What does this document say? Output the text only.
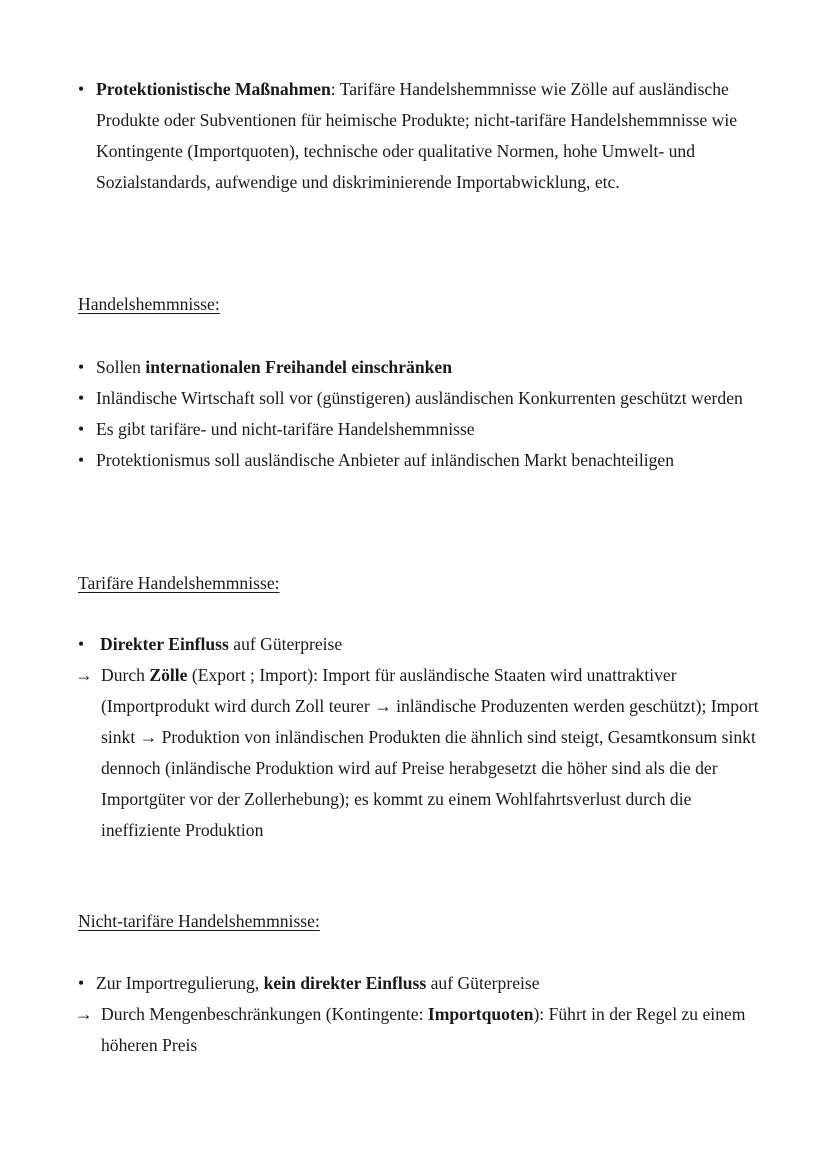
• Protektionistische Maßnahmen: Tarifäre Handelshemmnisse wie Zölle auf ausländische Produkte oder Subventionen für heimische Produkte; nicht-tarifäre Handelshemmnisse wie Kontingente (Importquoten), technische oder qualitative Normen, hohe Umwelt- und Sozialstandards, aufwendige und diskriminierende Importabwicklung, etc.
Handelshemmnisse:
• Sollen internationalen Freihandel einschränken
• Inländische Wirtschaft soll vor (günstigeren) ausländischen Konkurrenten geschützt werden
• Es gibt tarifäre- und nicht-tarifäre Handelshemmnisse
• Protektionismus soll ausländische Anbieter auf inländischen Markt benachteiligen
Tarifäre Handelshemmnisse:
• Direkter Einfluss auf Güterpreise
→ Durch Zölle (Export ; Import): Import für ausländische Staaten wird unattraktiver (Importprodukt wird durch Zoll teurer → inländische Produzenten werden geschützt); Import sinkt → Produktion von inländischen Produkten die ähnlich sind steigt, Gesamtkonsum sinkt dennoch (inländische Produktion wird auf Preise herabgesetzt die höher sind als die der Importgüter vor der Zollerhebung); es kommt zu einem Wohlfahrtsverlust durch die ineffiziente Produktion
Nicht-tarifäre Handelshemmnisse:
• Zur Importregulierung, kein direkter Einfluss auf Güterpreise
→ Durch Mengenbeschränkungen (Kontingente: Importquoten): Führt in der Regel zu einem höheren Preis
